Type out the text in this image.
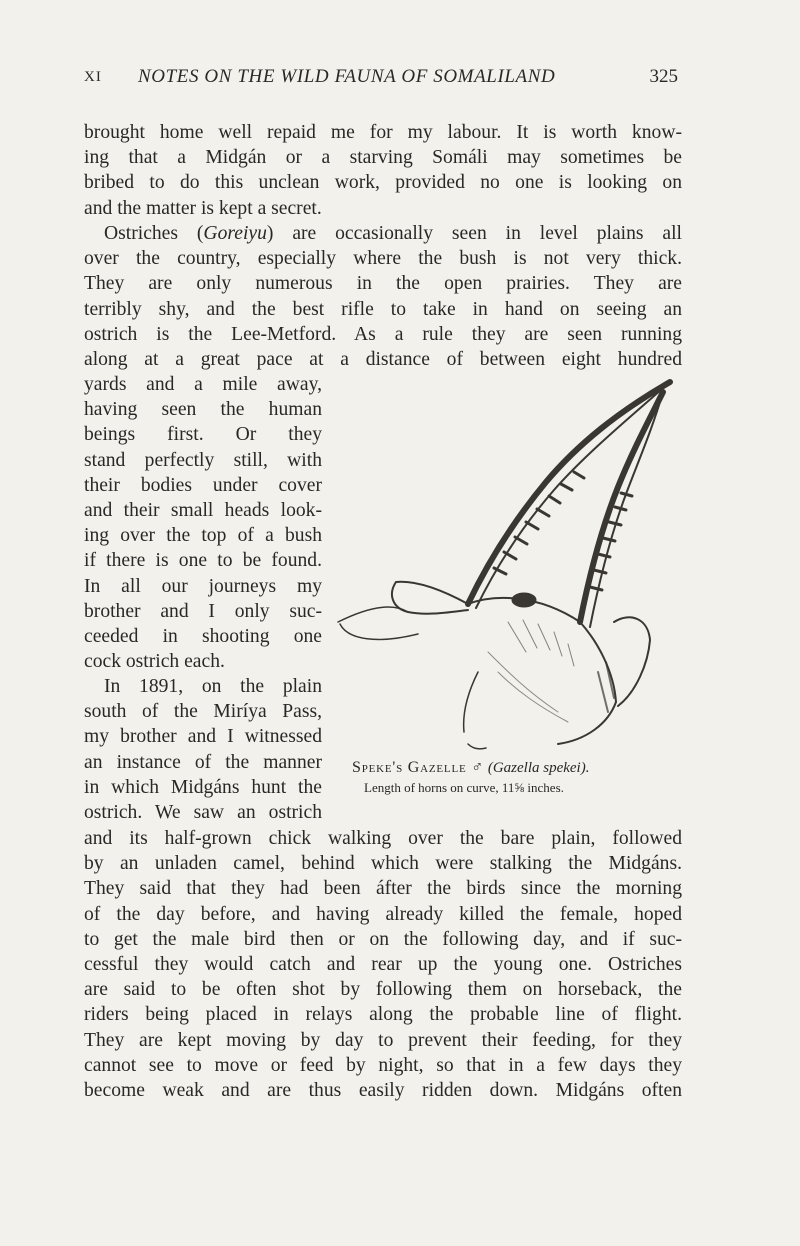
XI NOTES ON THE WILD FAUNA OF SOMALILAND	325
brought home well repaid me for my labour. It is worth know-
ing that a Midgán or a starving Somáli may sometimes be
bribed to do this unclean work, provided no one is looking on
and the matter is kept a secret.
Ostriches (Goreiyu) are occasionally seen in level plains all
over the country, especially where the bush is not very thick.
They are only numerous in the open prairies. They are
terribly shy, and the best rifle to take in hand on seeing an
ostrich is the Lee-Metford. As a rule they are seen running
along at a great pace at a distance of between eight hundred
yards and a mile away,
having seen the human
beings first. Or they
stand perfectly still, with
their bodies under cover
and their small heads look-
ing over the top of a bush
if there is one to be found.
In all our journeys my
brother and I only suc-
ceeded in shooting one
cock ostrich each.
In 1891, on the plain
south of the Miríya Pass,
my brother and I witnessed
an instance of the manner
in which Midgáns hunt the
ostrich. We saw an ostrich
and its half-grown chick walking over the bare plain, followed
by an unladen camel, behind which were stalking the Midgáns.
They said that they had been áfter the birds since the morning
of the day before, and having already killed the female, hoped
to get the male bird then or on the following day, and if suc-
cessful they would catch and rear up the young one. Ostriches
are said to be often shot by following them on horseback, the
riders being placed in relays along the probable line of flight.
They are kept moving by day to prevent their feeding, for they
cannot see to move or feed by night, so that in a few days they
become weak and are thus easily ridden down. Midgáns often
Speke's Gazelle ♂ (Gazella spekei).
Length of horns on curve, 11⅝ inches.
